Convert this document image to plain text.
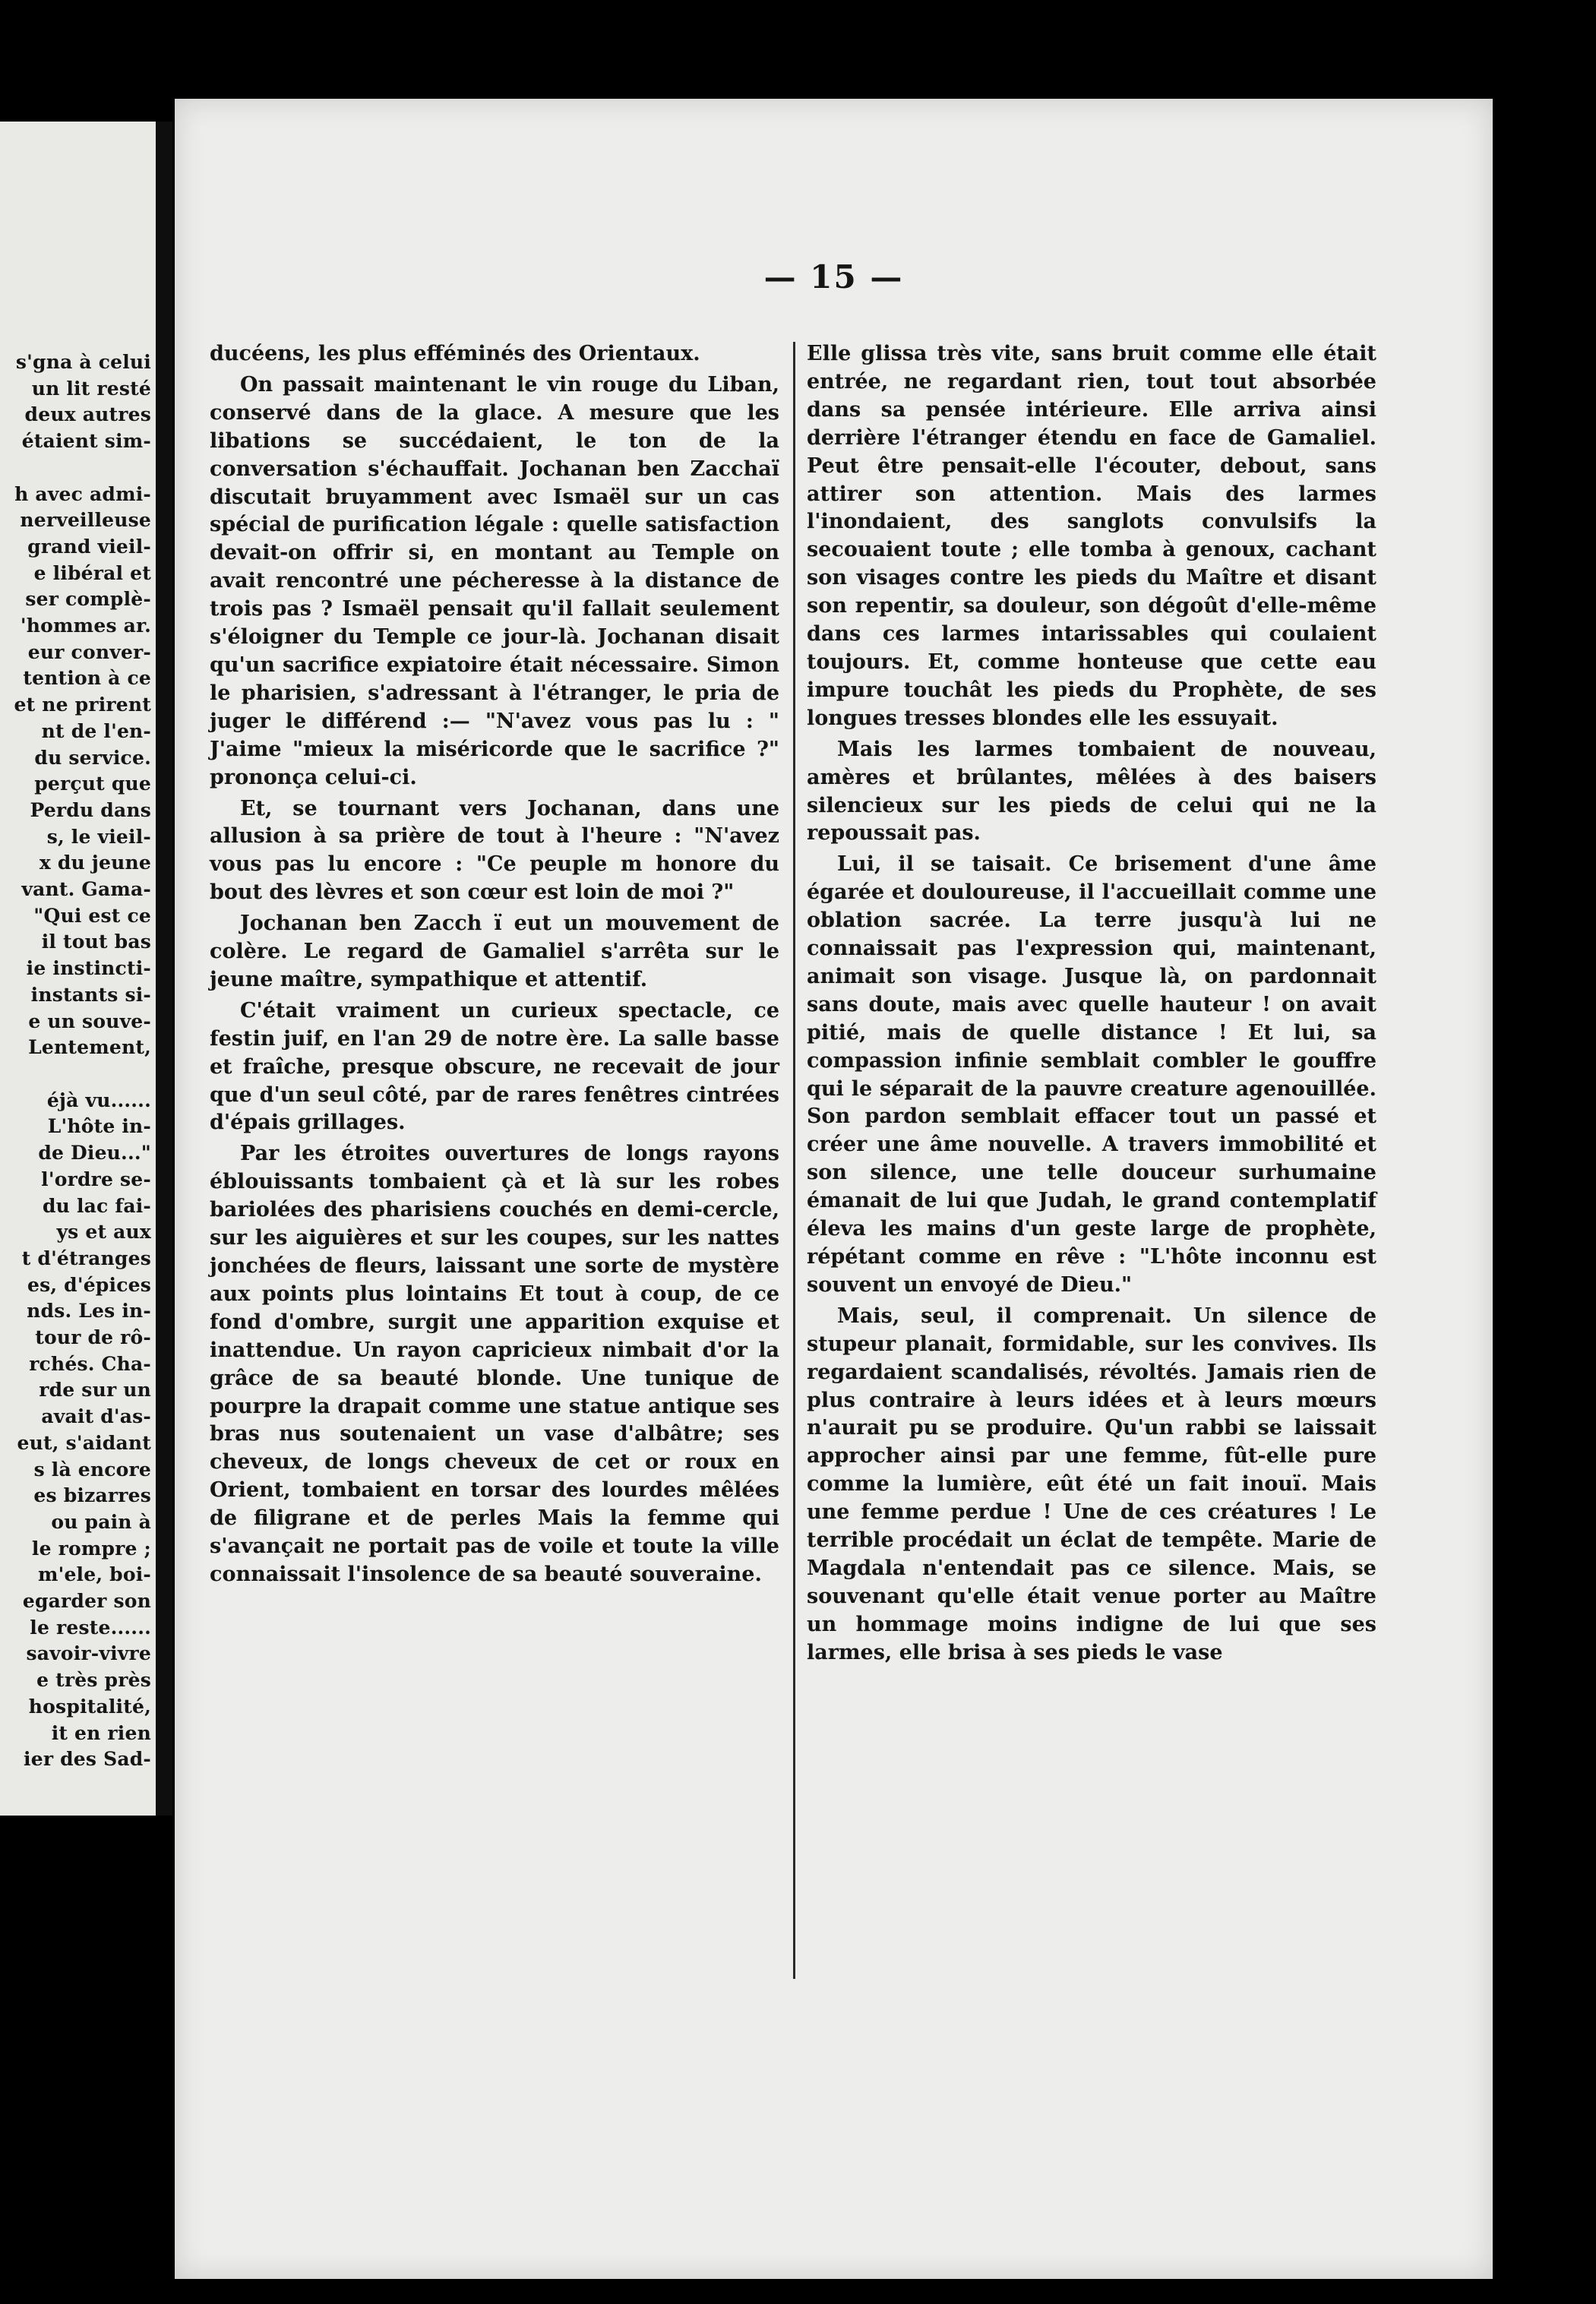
s'gna à celui
un lit resté
deux autres
étaient sim-

h avec admi-
nerveilleuse
grand vieil-
e libéral et
ser complè-
'hommes ar.
eur conver-
tention à ce
et ne prirent
nt de l'en-
du service.
perçut que
Perdu dans
s, le vieil-
x du jeune
vant. Gama-
"Qui est ce
il tout bas
ie instincti-
instants si-
e un souve-
Lentement,

éjà vu......
L'hôte in-
de Dieu..."
l'ordre se-
du lac fai-
ys et aux
t d'étranges
es, d'épices
nds. Les in-
tour de rô-
rchés. Cha-
rde sur un
avait d'as-
eut, s'aidant
s là encore
es bizarres
ou pain à
le rompre ;
m'ele, boi-
egarder son
le reste......
savoir-vivre
e très près
hospitalité,
it en rien
ier des Sad-
— 15 —

ducéens, les plus efféminés des Orientaux.

On passait maintenant le vin rouge du Liban, conservé dans de la glace. A mesure que les libations se succédaient, le ton de la conversation s'échauffait. Jochanan ben Zacchaï discutait bruyamment avec Ismaël sur un cas spécial de purification légale : quelle satisfaction devait-on offrir si, en montant au Temple on avait rencontré une pécheresse à la distance de trois pas ? Ismaël pensait qu'il fallait seulement s'éloigner du Temple ce jour-là. Jochanan disait qu'un sacrifice expiatoire était nécessaire. Simon le pharisien, s'adressant à l'étranger, le pria de juger le différend :— "N'avez vous pas lu : " J'aime "mieux la miséricorde que le sacrifice ?" prononça celui-ci.

Et, se tournant vers Jochanan, dans une allusion à sa prière de tout à l'heure : "N'avez vous pas lu encore : "Ce peuple m honore du bout des lèvres et son cœur est loin de moi ?"

Jochanan ben Zacch ï eut un mouvement de colère. Le regard de Gamaliel s'arrêta sur le jeune maître, sympathique et attentif.

C'était vraiment un curieux spectacle, ce festin juif, en l'an 29 de notre ère. La salle basse et fraîche, presque obscure, ne recevait de jour que d'un seul côté, par de rares fenêtres cintrées d'épais grillages.

Par les étroites ouvertures de longs rayons éblouissants tombaient çà et là sur les robes bariolées des pharisiens couchés en demi-cercle, sur les aiguières et sur les coupes, sur les nattes jonchées de fleurs, laissant une sorte de mystère aux points plus lointains Et tout à coup, de ce fond d'ombre, surgit une apparition exquise et inattendue. Un rayon capricieux nimbait d'or la grâce de sa beauté blonde. Une tunique de pourpre la drapait comme une statue antique ses bras nus soutenaient un vase d'albâtre; ses cheveux, de longs cheveux de cet or roux en Orient, tombaient en torsar des lourdes mêlées de filigrane et de perles Mais la femme qui s'avançait ne portait pas de voile et toute la ville connaissait l'insolence de sa beauté souveraine.

Elle glissa très vite, sans bruit comme elle était entrée, ne regardant rien, tout tout absorbée dans sa pensée intérieure. Elle arriva ainsi derrière l'étranger étendu en face de Gamaliel. Peut être pensait-elle l'écouter, debout, sans attirer son attention. Mais des larmes l'inondaient, des sanglots convulsifs la secouaient toute ; elle tomba à genoux, cachant son visages contre les pieds du Maître et disant son repentir, sa douleur, son dégoût d'elle-même dans ces larmes intarissables qui coulaient toujours. Et, comme honteuse que cette eau impure touchât les pieds du Prophète, de ses longues tresses blondes elle les essuyait.

Mais les larmes tombaient de nouveau, amères et brûlantes, mêlées à des baisers silencieux sur les pieds de celui qui ne la repoussait pas.

Lui, il se taisait. Ce brisement d'une âme égarée et douloureuse, il l'accueillait comme une oblation sacrée. La terre jusqu'à lui ne connaissait pas l'expression qui, maintenant, animait son visage. Jusque là, on pardonnait sans doute, mais avec quelle hauteur ! on avait pitié, mais de quelle distance ! Et lui, sa compassion infinie semblait combler le gouffre qui le séparait de la pauvre creature agenouillée. Son pardon semblait effacer tout un passé et créer une âme nouvelle. A travers immobilité et son silence, une telle douceur surhumaine émanait de lui que Judah, le grand contemplatif éleva les mains d'un geste large de prophète, répétant comme en rêve : "L'hôte inconnu est souvent un envoyé de Dieu."

Mais, seul, il comprenait. Un silence de stupeur planait, formidable, sur les convives. Ils regardaient scandalisés, révoltés. Jamais rien de plus contraire à leurs idées et à leurs mœurs n'aurait pu se produire. Qu'un rabbi se laissait approcher ainsi par une femme, fût-elle pure comme la lumière, eût été un fait inouï. Mais une femme perdue ! Une de ces créatures ! Le terrible procédait un éclat de tempête. Marie de Magdala n'entendait pas ce silence. Mais, se souvenant qu'elle était venue porter au Maître un hommage moins indigne de lui que ses larmes, elle brisa à ses pieds le vase
